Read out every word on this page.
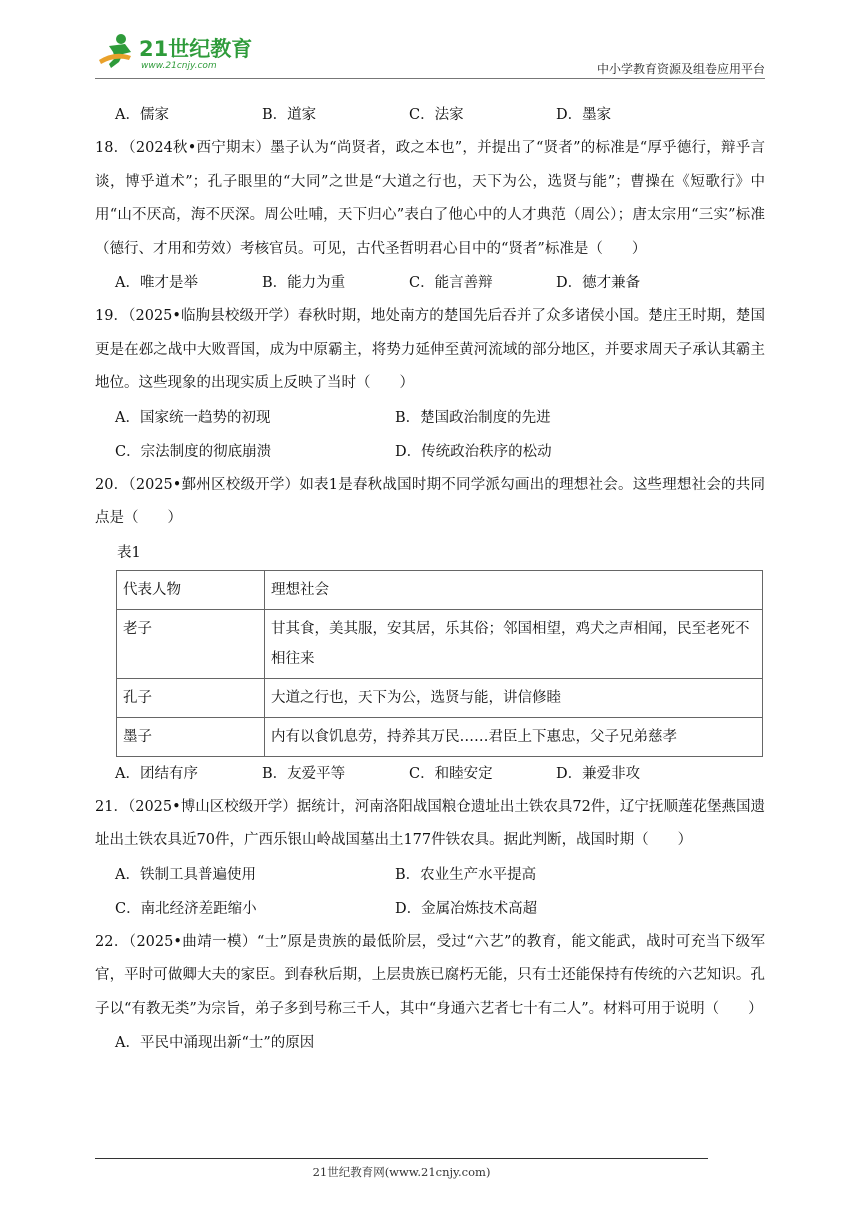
21世纪教育
www.21cnjy.com	中小学教育资源及组卷应用平台
A．儒家	B．道家	C．法家	D．墨家
18．（2024秋•西宁期末）墨子认为“尚贤者，政之本也”，并提出了“贤者”的标准是“厚乎德行，辩乎言谈，博乎道术”；孔子眼里的“大同”之世是“大道之行也，天下为公，选贤与能”；曹操在《短歌行》中用“山不厌高，海不厌深。周公吐哺，天下归心”表白了他心中的人才典范（周公）；唐太宗用“三实”标准（德行、才用和劳效）考核官员。可见，古代圣哲明君心目中的“贤者”标准是（　　）
A．唯才是举	B．能力为重	C．能言善辩	D．德才兼备
19．（2025•临朐县校级开学）春秋时期，地处南方的楚国先后吞并了众多诸侯小国。楚庄王时期，楚国更是在邲之战中大败晋国，成为中原霸主，将势力延伸至黄河流域的部分地区，并要求周天子承认其霸主地位。这些现象的出现实质上反映了当时（　　）
A．国家统一趋势的初现	B．楚国政治制度的先进
C．宗法制度的彻底崩溃	D．传统政治秩序的松动
20．（2025•鄞州区校级开学）如表1是春秋战国时期不同学派勾画出的理想社会。这些理想社会的共同点是（　　）
表1
代表人物	理想社会
老子	甘其食，美其服，安其居，乐其俗；邻国相望，鸡犬之声相闻，民至老死不相往来
孔子	大道之行也，天下为公，选贤与能，讲信修睦
墨子	内有以食饥息劳，持养其万民……君臣上下惠忠，父子兄弟慈孝
A．团结有序	B．友爱平等	C．和睦安定	D．兼爱非攻
21．（2025•博山区校级开学）据统计，河南洛阳战国粮仓遗址出土铁农具72件，辽宁抚顺莲花堡燕国遗址出土铁农具近70件，广西乐银山岭战国墓出土177件铁农具。据此判断，战国时期（　　）
A．铁制工具普遍使用	B．农业生产水平提高
C．南北经济差距缩小	D．金属冶炼技术高超
22．（2025•曲靖一模）“士”原是贵族的最低阶层，受过“六艺”的教育，能文能武，战时可充当下级军官，平时可做卿大夫的家臣。到春秋后期，上层贵族已腐朽无能，只有士还能保持有传统的六艺知识。孔子以“有教无类”为宗旨，弟子多到号称三千人，其中“身通六艺者七十有二人”。材料可用于说明（　　）
A．平民中涌现出新“士”的原因
21世纪教育网(www.21cnjy.com)
